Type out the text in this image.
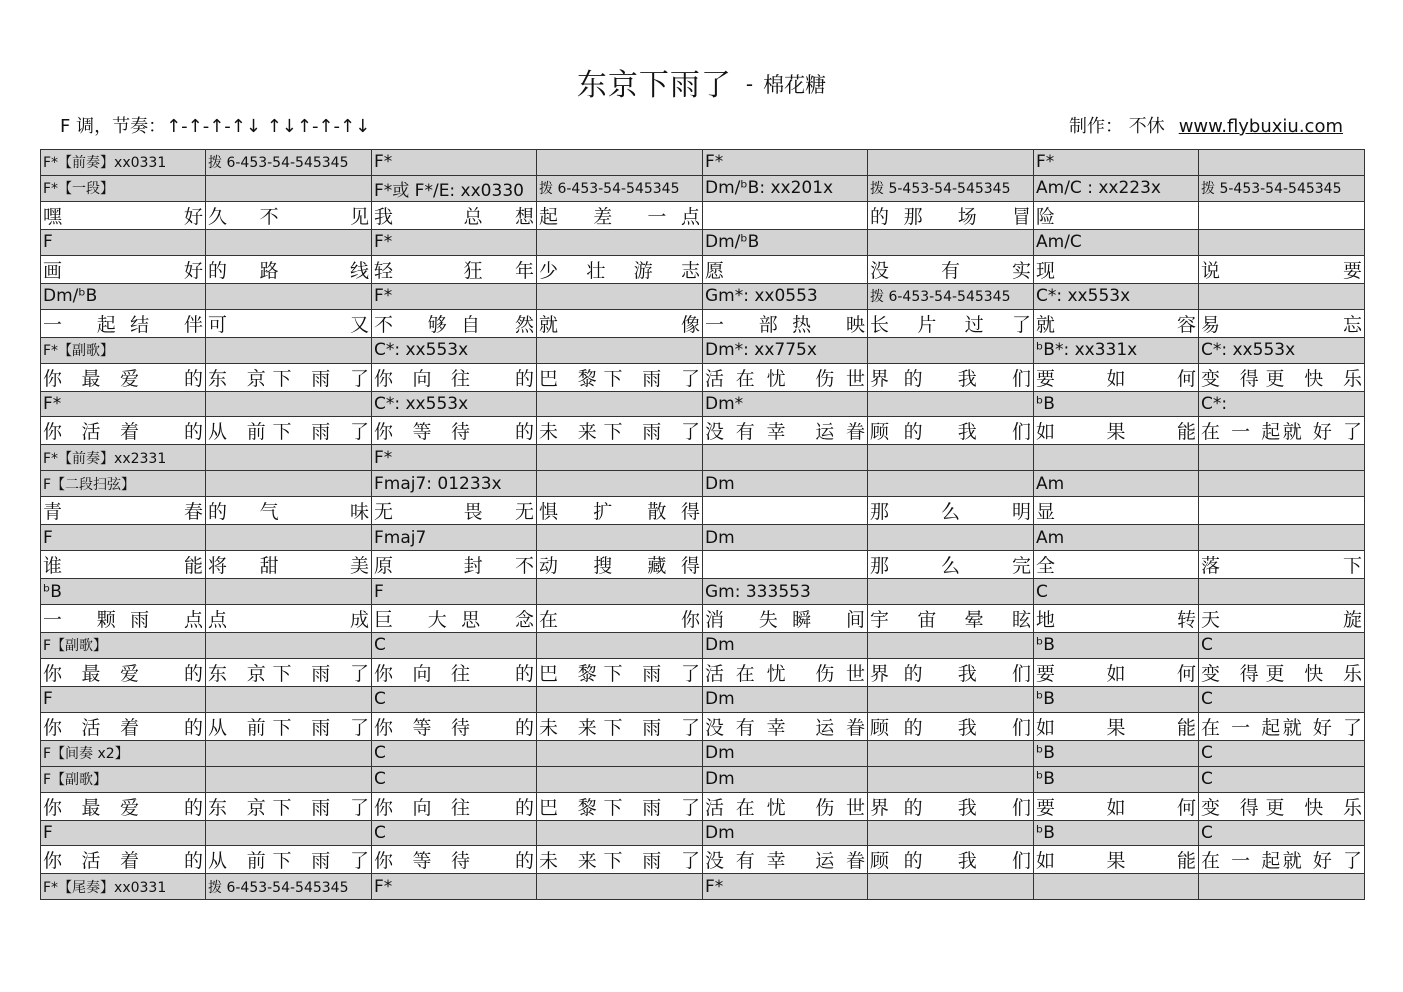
东京下雨了 - 棉花糖
F 调，节奏：↑-↑-↑-↑↓ ↑↓↑-↑-↑↓	制作： 不休 www.flybuxiu.com
F*【前奏】xx0331	拨 6-453-54-545345	F*		F*		F*	
F*【一段】		F*或 F*/E: xx0330	拨 6-453-54-545345	Dm/ᵇB: xx201x	拨 5-453-54-545345	Am/C : xx223x	拨 5-453-54-545345
嘿 好	久不 见	我 总想	起 差 一点		的那 场 冒	险	
F		F*		Dm/ᵇB		Am/C	
画 好	的路 线	轻 狂年	少 壮 游 志	愿	没 有 实	现	说 要
Dm/ᵇB		F*		Gm*: xx0553	拨 6-453-54-545345	C*: xx553x	
一 起结 伴	可 又	不 够自 然	就 像	一 部热 映	长 片 过 了	就 容	易 忘
F*【副歌】		C*: xx553x		Dm*: xx775x		ᵇB*: xx331x	C*: xx553x
你最爱 的	东 京下 雨 了	你向往 的	巴 黎下 雨 了	活在忧 伤世	界的 我 们	要 如 何	变 得更 快 乐
F*		C*: xx553x		Dm*		ᵇB	C*:
你活着 的	从 前下 雨 了	你等待 的	未 来下 雨 了	没有幸 运眷	顾的 我 们	如 果 能	在 一 起就 好 了
F*【前奏】xx2331		F*					
F【二段扫弦】		Fmaj7: 01233x		Dm		Am	
青 春	的气 味	无 畏无	惧 扩 散得		那 么 明	显	
F		Fmaj7		Dm		Am	
谁 能	将甜 美	原 封不	动 搜 藏得		那 么 完	全	落 下
ᵇB		F		Gm: 333553		C	
一 颗雨 点	点 成	巨 大思 念	在 你	消 失瞬 间	宇 宙 晕 眩	地 转	天 旋
F【副歌】		C		Dm		ᵇB	C
你最爱 的	东 京下 雨 了	你向往 的	巴 黎下 雨 了	活在忧 伤世	界的 我 们	要 如 何	变 得更 快 乐
F		C		Dm		ᵇB	C
你活着 的	从 前下 雨 了	你等待 的	未 来下 雨 了	没有幸 运眷	顾的 我 们	如 果 能	在 一 起就 好 了
F【间奏 x2】		C		Dm		ᵇB	C
F【副歌】		C		Dm		ᵇB	C
你最爱 的	东 京下 雨 了	你向往 的	巴 黎下 雨 了	活在忧 伤世	界的 我 们	要 如 何	变 得更 快 乐
F		C		Dm		ᵇB	C
你活着 的	从 前下 雨 了	你等待 的	未 来下 雨 了	没有幸 运眷	顾的 我 们	如 果 能	在 一 起就 好 了
F*【尾奏】xx0331	拨 6-453-54-545345	F*		F*			
